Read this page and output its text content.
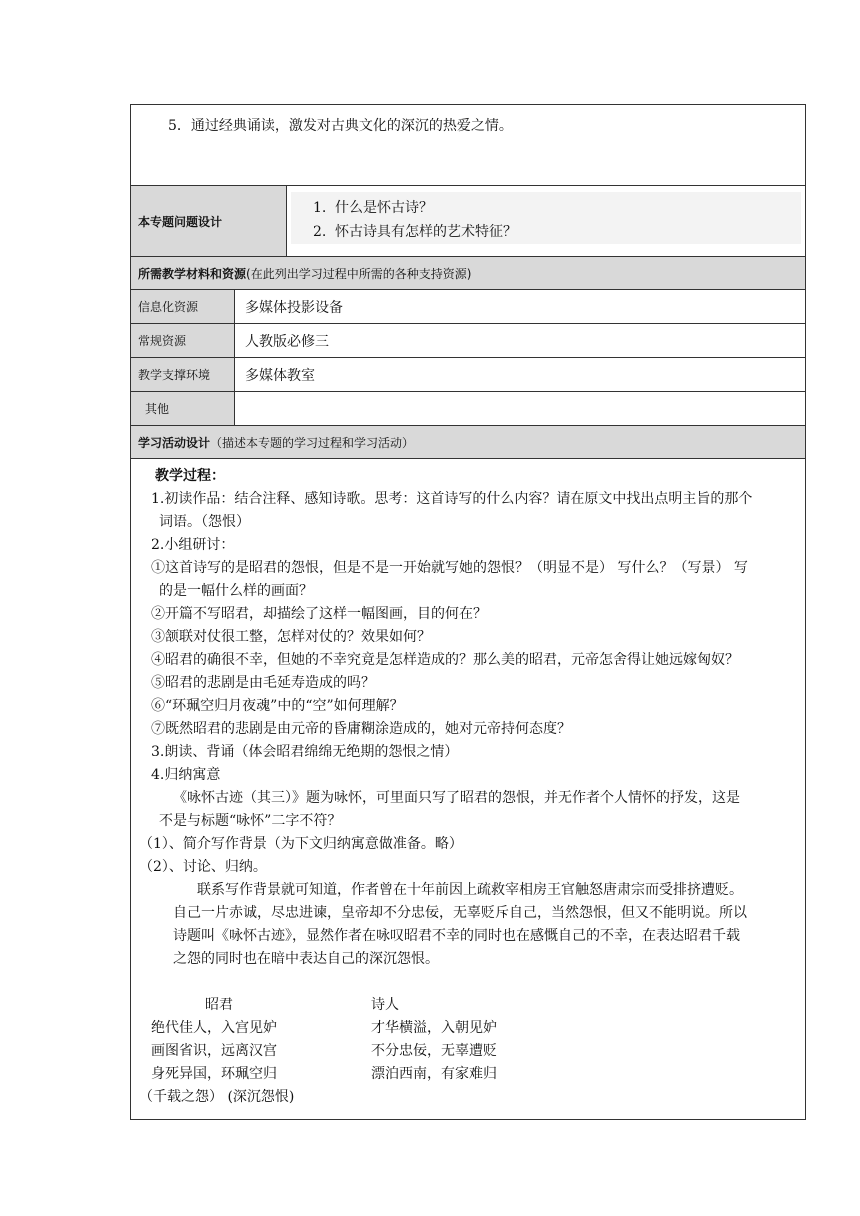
5．通过经典诵读，激发对古典文化的深沉的热爱之情。
本专题问题设计
1. 什么是怀古诗？
2. 怀古诗具有怎样的艺术特征？
所需教学材料和资源 (在此列出学习过程中所需的各种支持资源)
信息化资源	多媒体投影设备
常规资源	人教版必修三
教学支撑环境 多媒体教室
其他
学习活动设计 （描述本专题的学习过程和学习活动）
教学过程：
1.初读作品：结合注释、感知诗歌。思考：这首诗写的什么内容？请在原文中找出点明主旨的那个
词语。（怨恨）
2.小组研讨：
①这首诗写的是昭君的怨恨，但是不是一开始就写她的怨恨？（明显不是） 写什么？（写景） 写
的是一幅什么样的画面？
②开篇不写昭君，却描绘了这样一幅图画，目的何在？
③颔联对仗很工整，怎样对仗的？效果如何？
④昭君的确很不幸，但她的不幸究竟是怎样造成的？那么美的昭君，元帝怎舍得让她远嫁匈奴？
⑤昭君的悲剧是由毛延寿造成的吗？
⑥“环珮空归月夜魂”中的“空”如何理解？
⑦既然昭君的悲剧是由元帝的昏庸糊涂造成的，她对元帝持何态度？
3.朗读、背诵（体会昭君绵绵无绝期的怨恨之情）
4.归纳寓意
《咏怀古迹（其三）》题为咏怀，可里面只写了昭君的怨恨，并无作者个人情怀的抒发，这是
不是与标题“咏怀”二字不符？
（1）、简介写作背景（为下文归纳寓意做准备。略）
（2）、讨论、归纳。
联系写作背景就可知道，作者曾在十年前因上疏救宰相房王官触怒唐肃宗而受排挤遭贬。
自己一片赤诚，尽忠进谏，皇帝却不分忠佞，无辜贬斥自己，当然怨恨，但又不能明说。所以
诗题叫《咏怀古迹》，显然作者在咏叹昭君不幸的同时也在感慨自己的不幸，在表达昭君千载
之怨的同时也在暗中表达自己的深沉怨恨。
昭君	诗人
绝代佳人，入宫见妒	才华横溢，入朝见妒
画图省识，远离汉宫	不分忠佞，无辜遭贬
身死异国，环珮空归	漂泊西南，有家难归
（千载之怨） (深沉怨恨)
